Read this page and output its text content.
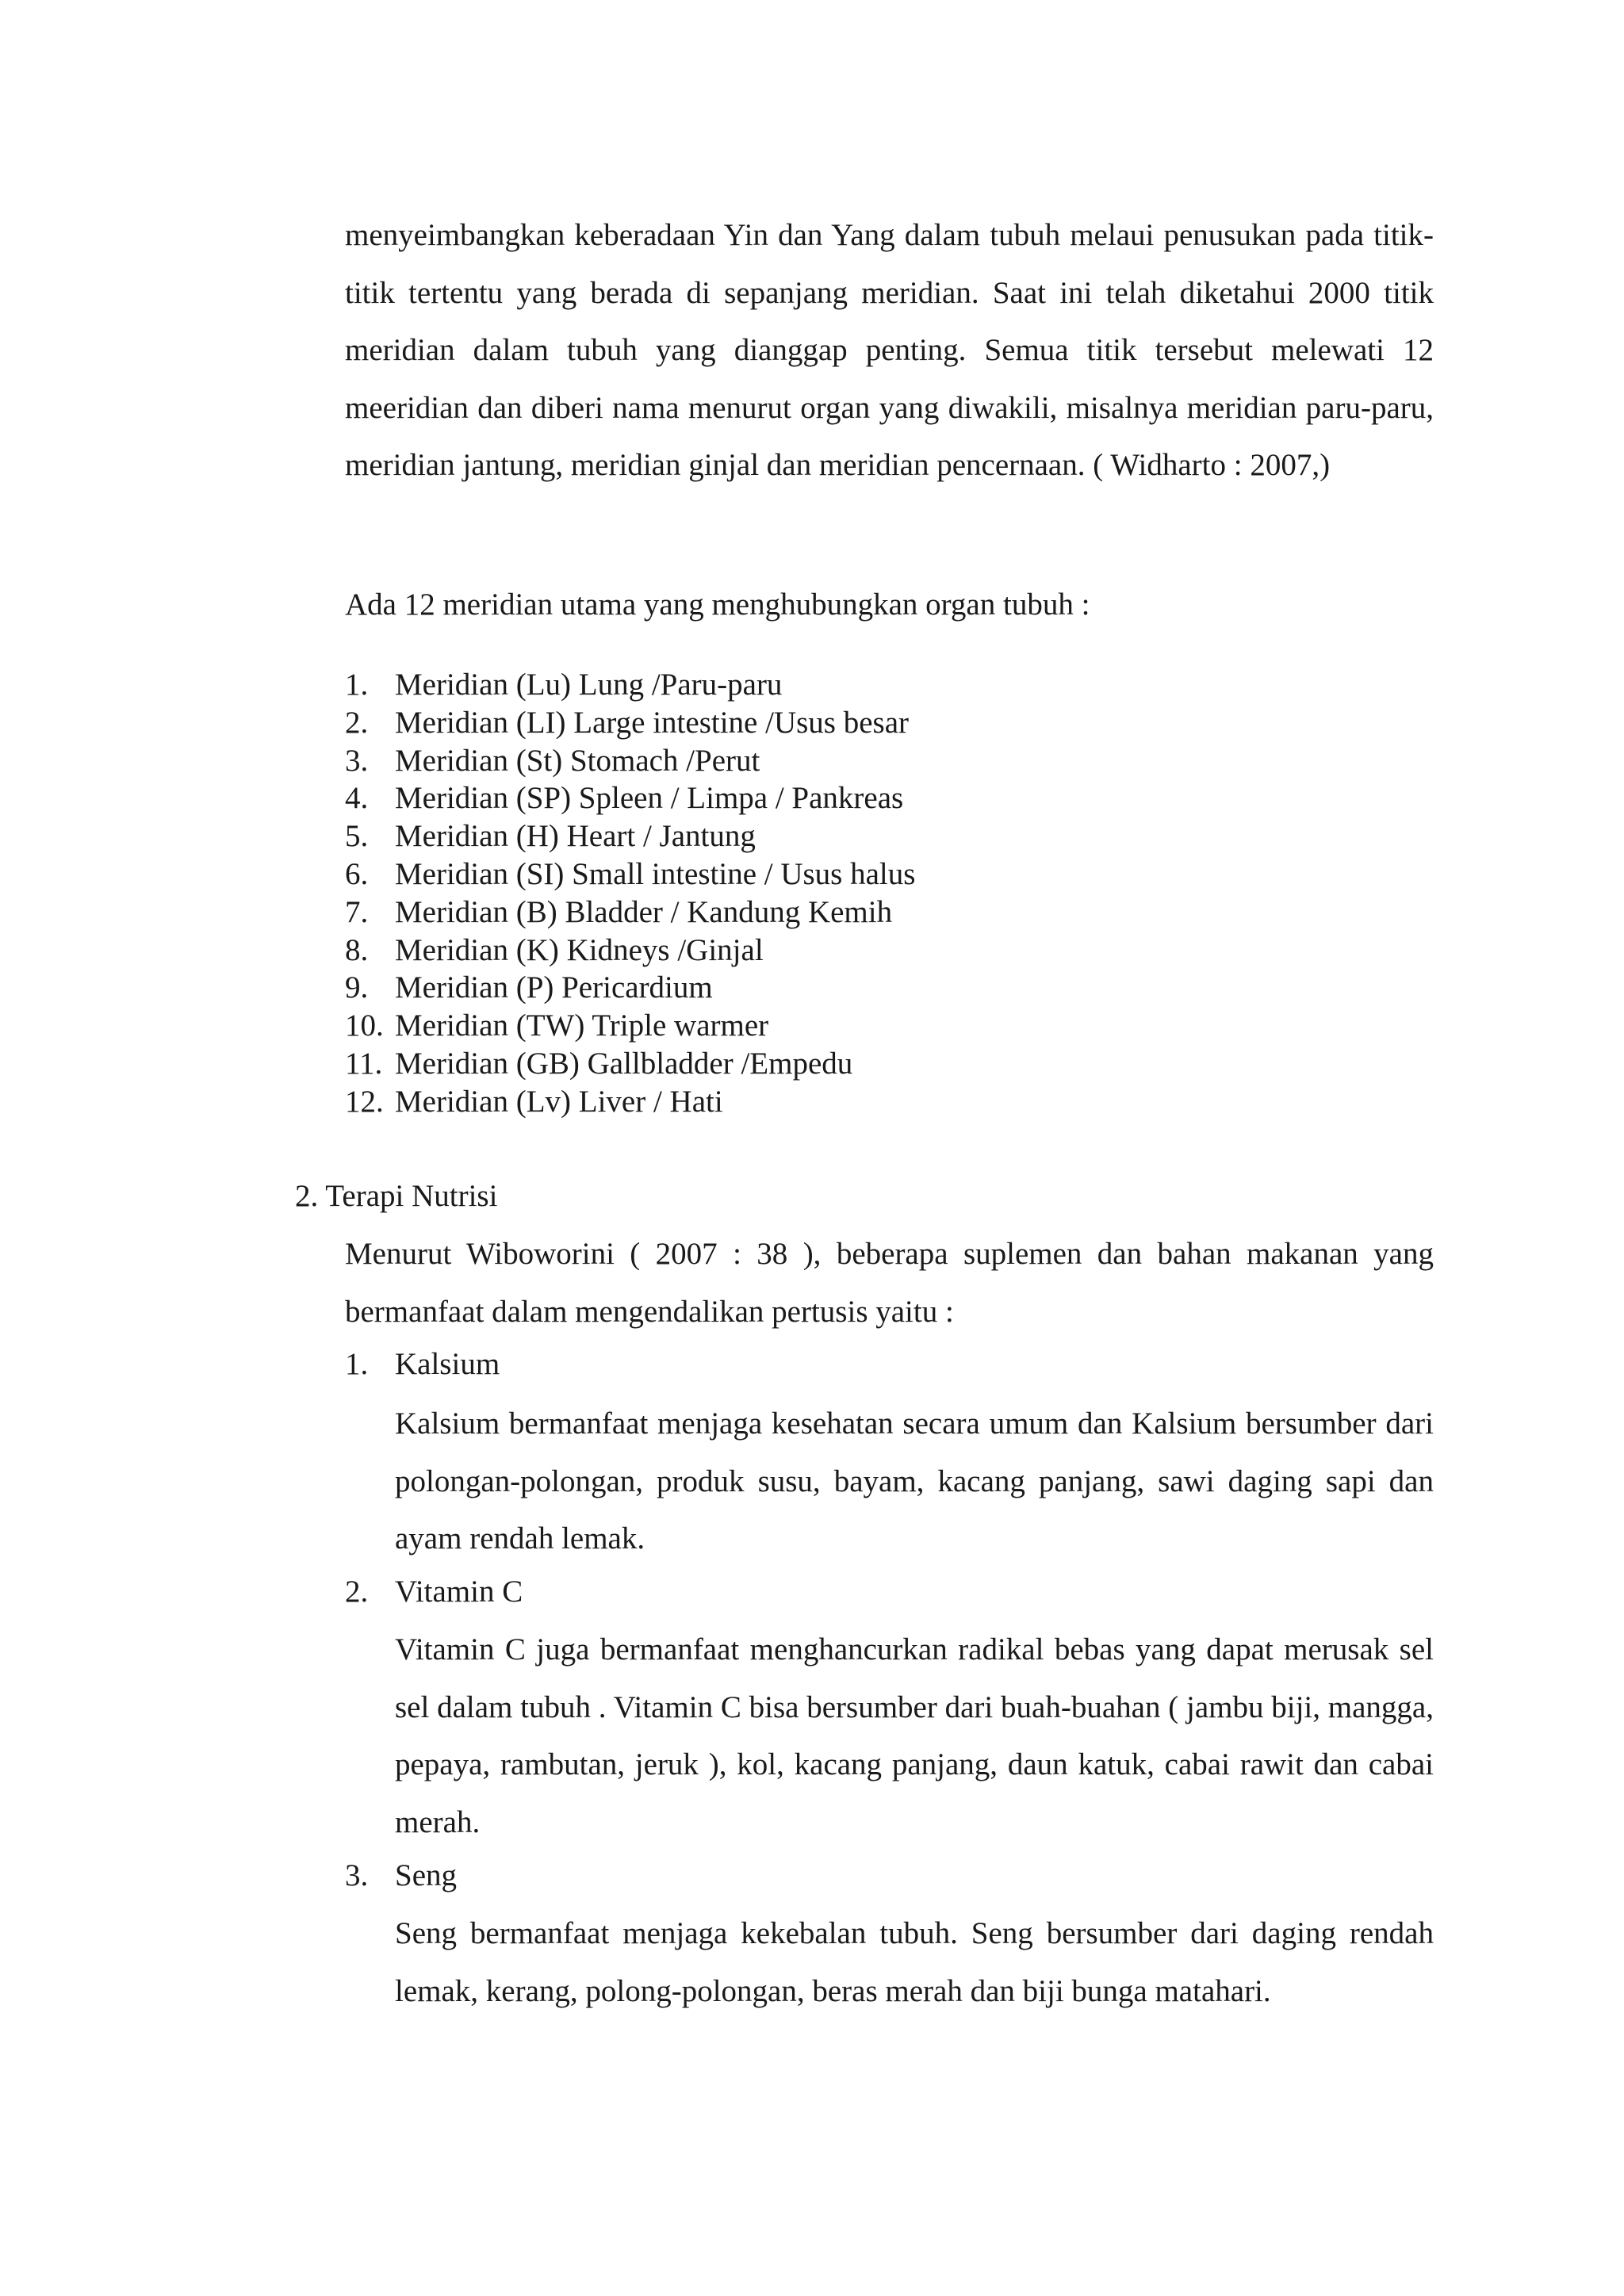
menyeimbangkan keberadaan Yin dan Yang dalam tubuh melaui penusukan pada titik-titik tertentu yang berada di sepanjang meridian. Saat ini telah diketahui 2000 titik meridian dalam tubuh yang dianggap penting. Semua titik tersebut melewati 12 meeridian dan diberi nama menurut organ yang diwakili, misalnya meridian paru-paru, meridian jantung, meridian ginjal dan meridian pencernaan. ( Widharto : 2007,)

Ada 12 meridian utama yang menghubungkan organ tubuh :

1. Meridian (Lu) Lung /Paru-paru
2. Meridian (LI) Large intestine /Usus besar
3. Meridian (St) Stomach /Perut
4. Meridian (SP) Spleen / Limpa / Pankreas
5. Meridian (H) Heart / Jantung
6. Meridian (SI) Small intestine / Usus halus
7. Meridian (B) Bladder / Kandung Kemih
8. Meridian (K) Kidneys /Ginjal
9. Meridian (P) Pericardium
10. Meridian (TW) Triple warmer
11. Meridian (GB) Gallbladder /Empedu
12. Meridian (Lv) Liver / Hati
2. Terapi Nutrisi

Menurut Wiboworini ( 2007 : 38 ), beberapa suplemen dan bahan makanan yang bermanfaat dalam mengendalikan pertusis yaitu :

1. Kalsium

Kalsium bermanfaat menjaga kesehatan secara umum dan Kalsium bersumber dari polongan-polongan, produk susu, bayam, kacang panjang, sawi daging sapi dan ayam rendah lemak.

2. Vitamin C

Vitamin C juga bermanfaat menghancurkan radikal bebas yang dapat merusak sel sel dalam tubuh . Vitamin C bisa bersumber dari buah-buahan ( jambu biji, mangga, pepaya, rambutan, jeruk ), kol, kacang panjang, daun katuk, cabai rawit dan cabai merah.

3. Seng

Seng bermanfaat menjaga kekebalan tubuh. Seng bersumber dari daging rendah lemak, kerang, polong-polongan, beras merah dan biji bunga matahari.
